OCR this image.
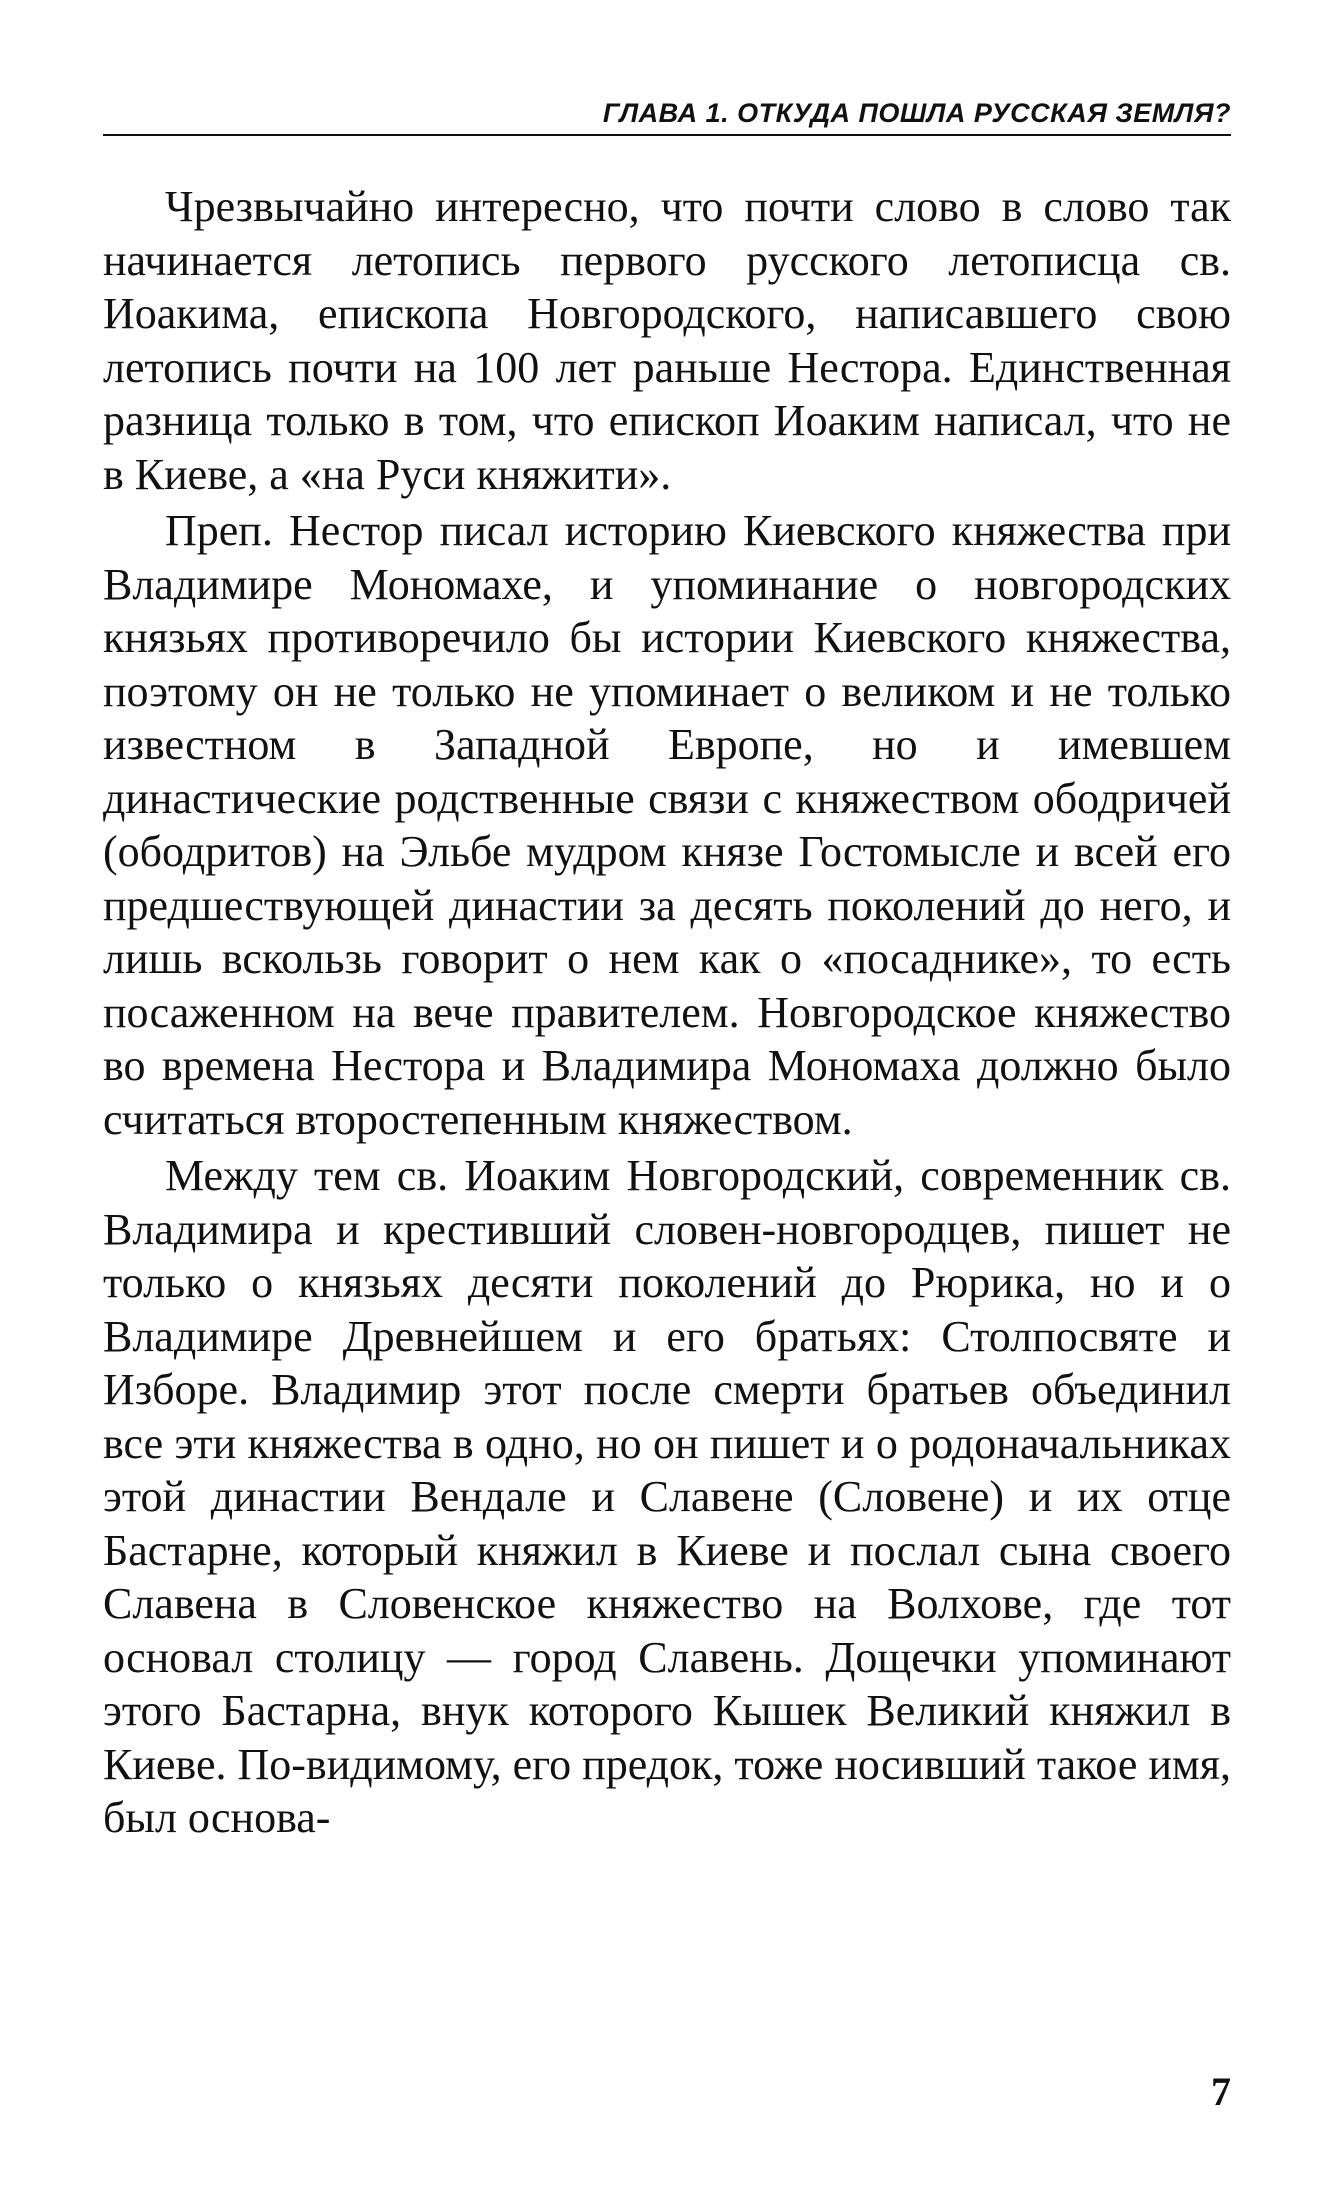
ГЛАВА 1. ОТКУДА ПОШЛА РУССКАЯ ЗЕМЛЯ?

Чрезвычайно интересно, что почти слово в слово так начинается летопись первого русского летописца св. Иоакима, епископа Новгородского, написавшего свою летопись почти на 100 лет раньше Нестора. Единственная разница только в том, что епископ Иоаким написал, что не в Киеве, а «на Руси княжити».

Преп. Нестор писал историю Киевского княжества при Владимире Мономахе, и упоминание о новгородских князьях противоречило бы истории Киевского княжества, поэтому он не только не упоминает о великом и не только известном в Западной Европе, но и имевшем династические родственные связи с княжеством ободричей (ободритов) на Эльбе мудром князе Гостомысле и всей его предшествующей династии за десять поколений до него, и лишь вскользь говорит о нем как о «посаднике», то есть посаженном на вече правителем. Новгородское княжество во времена Нестора и Владимира Мономаха должно было считаться второстепенным княжеством.

Между тем св. Иоаким Новгородский, современник св. Владимира и крестивший словен-новгородцев, пишет не только о князьях десяти поколений до Рюрика, но и о Владимире Древнейшем и его братьях: Столпосвяте и Изборе. Владимир этот после смерти братьев объединил все эти княжества в одно, но он пишет и о родоначальниках этой династии Вендале и Славене (Словене) и их отце Бастарне, который княжил в Киеве и послал сына своего Славена в Словенское княжество на Волхове, где тот основал столицу — город Славень. Дощечки упоминают этого Бастарна, внук которого Кышек Великий княжил в Киеве. По-видимому, его предок, тоже носивший такое имя, был основа-

7
